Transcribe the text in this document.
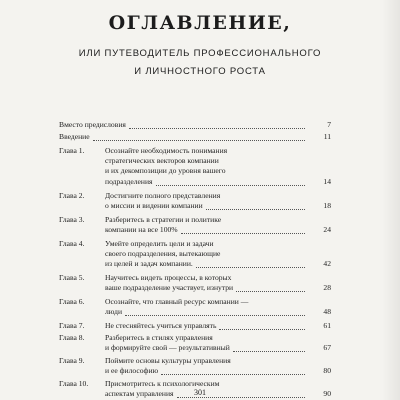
ОГЛАВЛЕНИЕ,
ИЛИ ПУТЕВОДИТЕЛЬ ПРОФЕССИОНАЛЬНОГО
И ЛИЧНОСТНОГО РОСТА
Вместо предисловия	7
Введение	11
Глава 1.	Осознайте необходимость понимания
стратегических векторов компании
и их декомпозиции до уровня вашего
подразделения	14
Глава 2.	Достигните полного представления
о миссии и видении компании	18
Глава 3.	Разберитесь в стратегии и политике
компании на все 100%	24
Глава 4.	Умейте определить цели и задачи
своего подразделения, вытекающие
из целей и задач компании.	42
Глава 5.	Научитесь видеть процессы, в которых
ваше подразделение участвует, изнутри	28
Глава 6.	Осознайте, что главный ресурс компании —
люди	48
Глава 7.	Не стесняйтесь учиться управлять	61
Глава 8.	Разберитесь в стилях управления
и формируйте свой — результативный	67
Глава 9.	Поймите основы культуры управления
и ее философию	80
Глава 10. Присмотритесь к психологическим
аспектам управления	90
301
